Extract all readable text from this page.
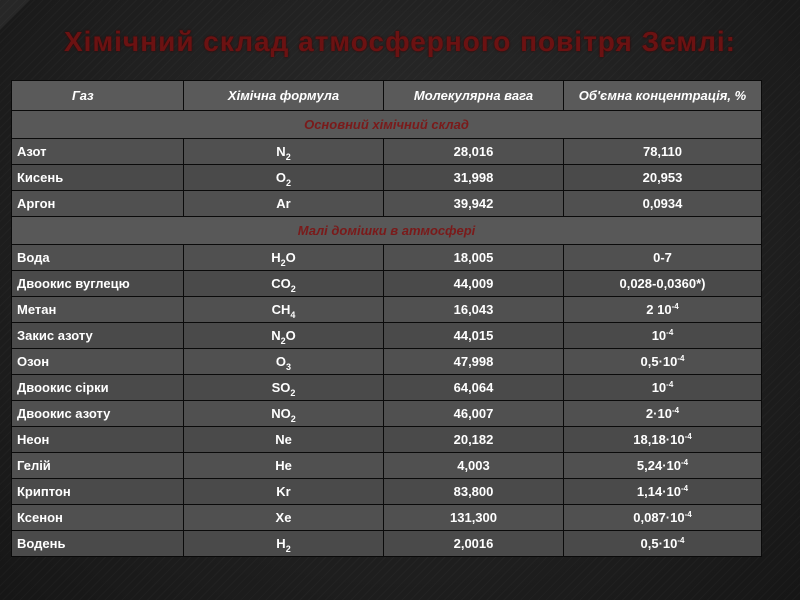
Хімічний склад атмосферного повітря Землі:
Газ	Хімічна формула	Молекулярна вага	Об'ємна концентрація, %
Основний хімічний склад			
Азот	$N_2$	28,016	78,110
Кисень	$O_2$	31,998	20,953
Аргон	Ar	39,942	0,0934
Малі домішки в атмосфері			
Вода	$H_2O$	18,005	0-7
Двоокис вуглецю	$CO_2$	44,009	0,028-0,0360*)
Метан	$CH_4$	16,043	2 $10^{-4}$
Закис азоту	$N_2O$	44,015	$10^{-4}$
Озон	$O_3$	47,998	$0,5\cdot 10^{-4}$
Двоокис сірки	$SO_2$	64,064	$10^{-4}$
Двоокис азоту	$NO_2$	46,007	$2\cdot 10^{-4}$
Неон	Ne	20,182	$18,18\cdot 10^{-4}$
Гелій	He	4,003	$5,24\cdot 10^{-4}$
Криптон	Kr	83,800	$1,14\cdot 10^{-4}$
Ксенон	Xe	131,300	$0,087\cdot 10^{-4}$
Водень	$H_2$	2,0016	$0,5\cdot 10^{-4}$
